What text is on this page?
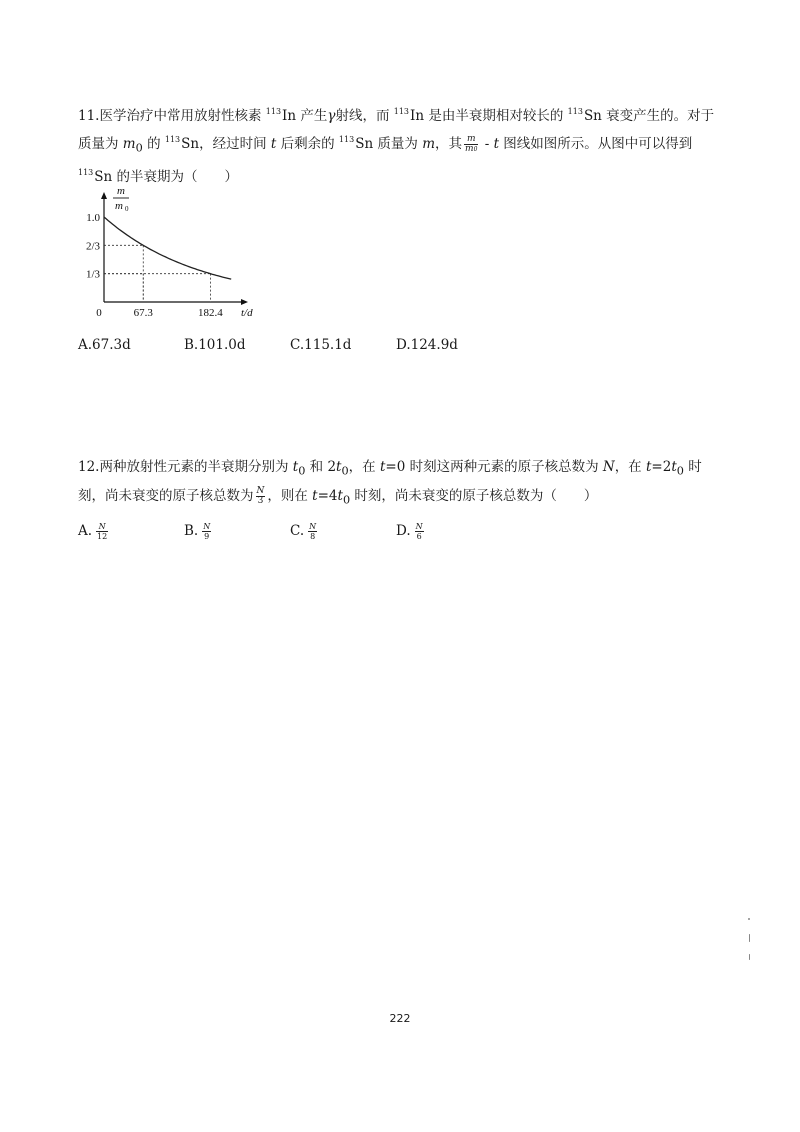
11.医学治疗中常用放射性核素 $^{113}$In 产生γ射线，而 $^{113}$In 是由半衰期相对较长的 $^{113}$Sn 衰变产生的。对于质量为 $m_0$ 的 $^{113}$Sn，经过时间 t 后剩余的 $^{113}$Sn 质量为 m，其 $\frac{m}{m0}$ - t 图线如图所示。从图中可以得到 $^{113}$Sn 的半衰期为（　　）
m
m 0
1.0
2/3
1/3
67.3	182.4
0	t/d
A.67.3d	B.101.0d	C.115.1d	D.124.9d
12.两种放射性元素的半衰期分别为 $t_0$ 和 $2t_0$，在 t=0 时刻这两种元素的原子核总数为 N，在 $t=2t_0$ 时刻，尚未衰变的原子核总数为 $\frac{N}{3}$ ，则在 $t=4t_0$ 时刻，尚未衰变的原子核总数为（　　）
A. $\frac{N}{12}$	B. $\frac{N}{9}$	C. $\frac{N}{8}$	D. $\frac{N}{6}$
222
